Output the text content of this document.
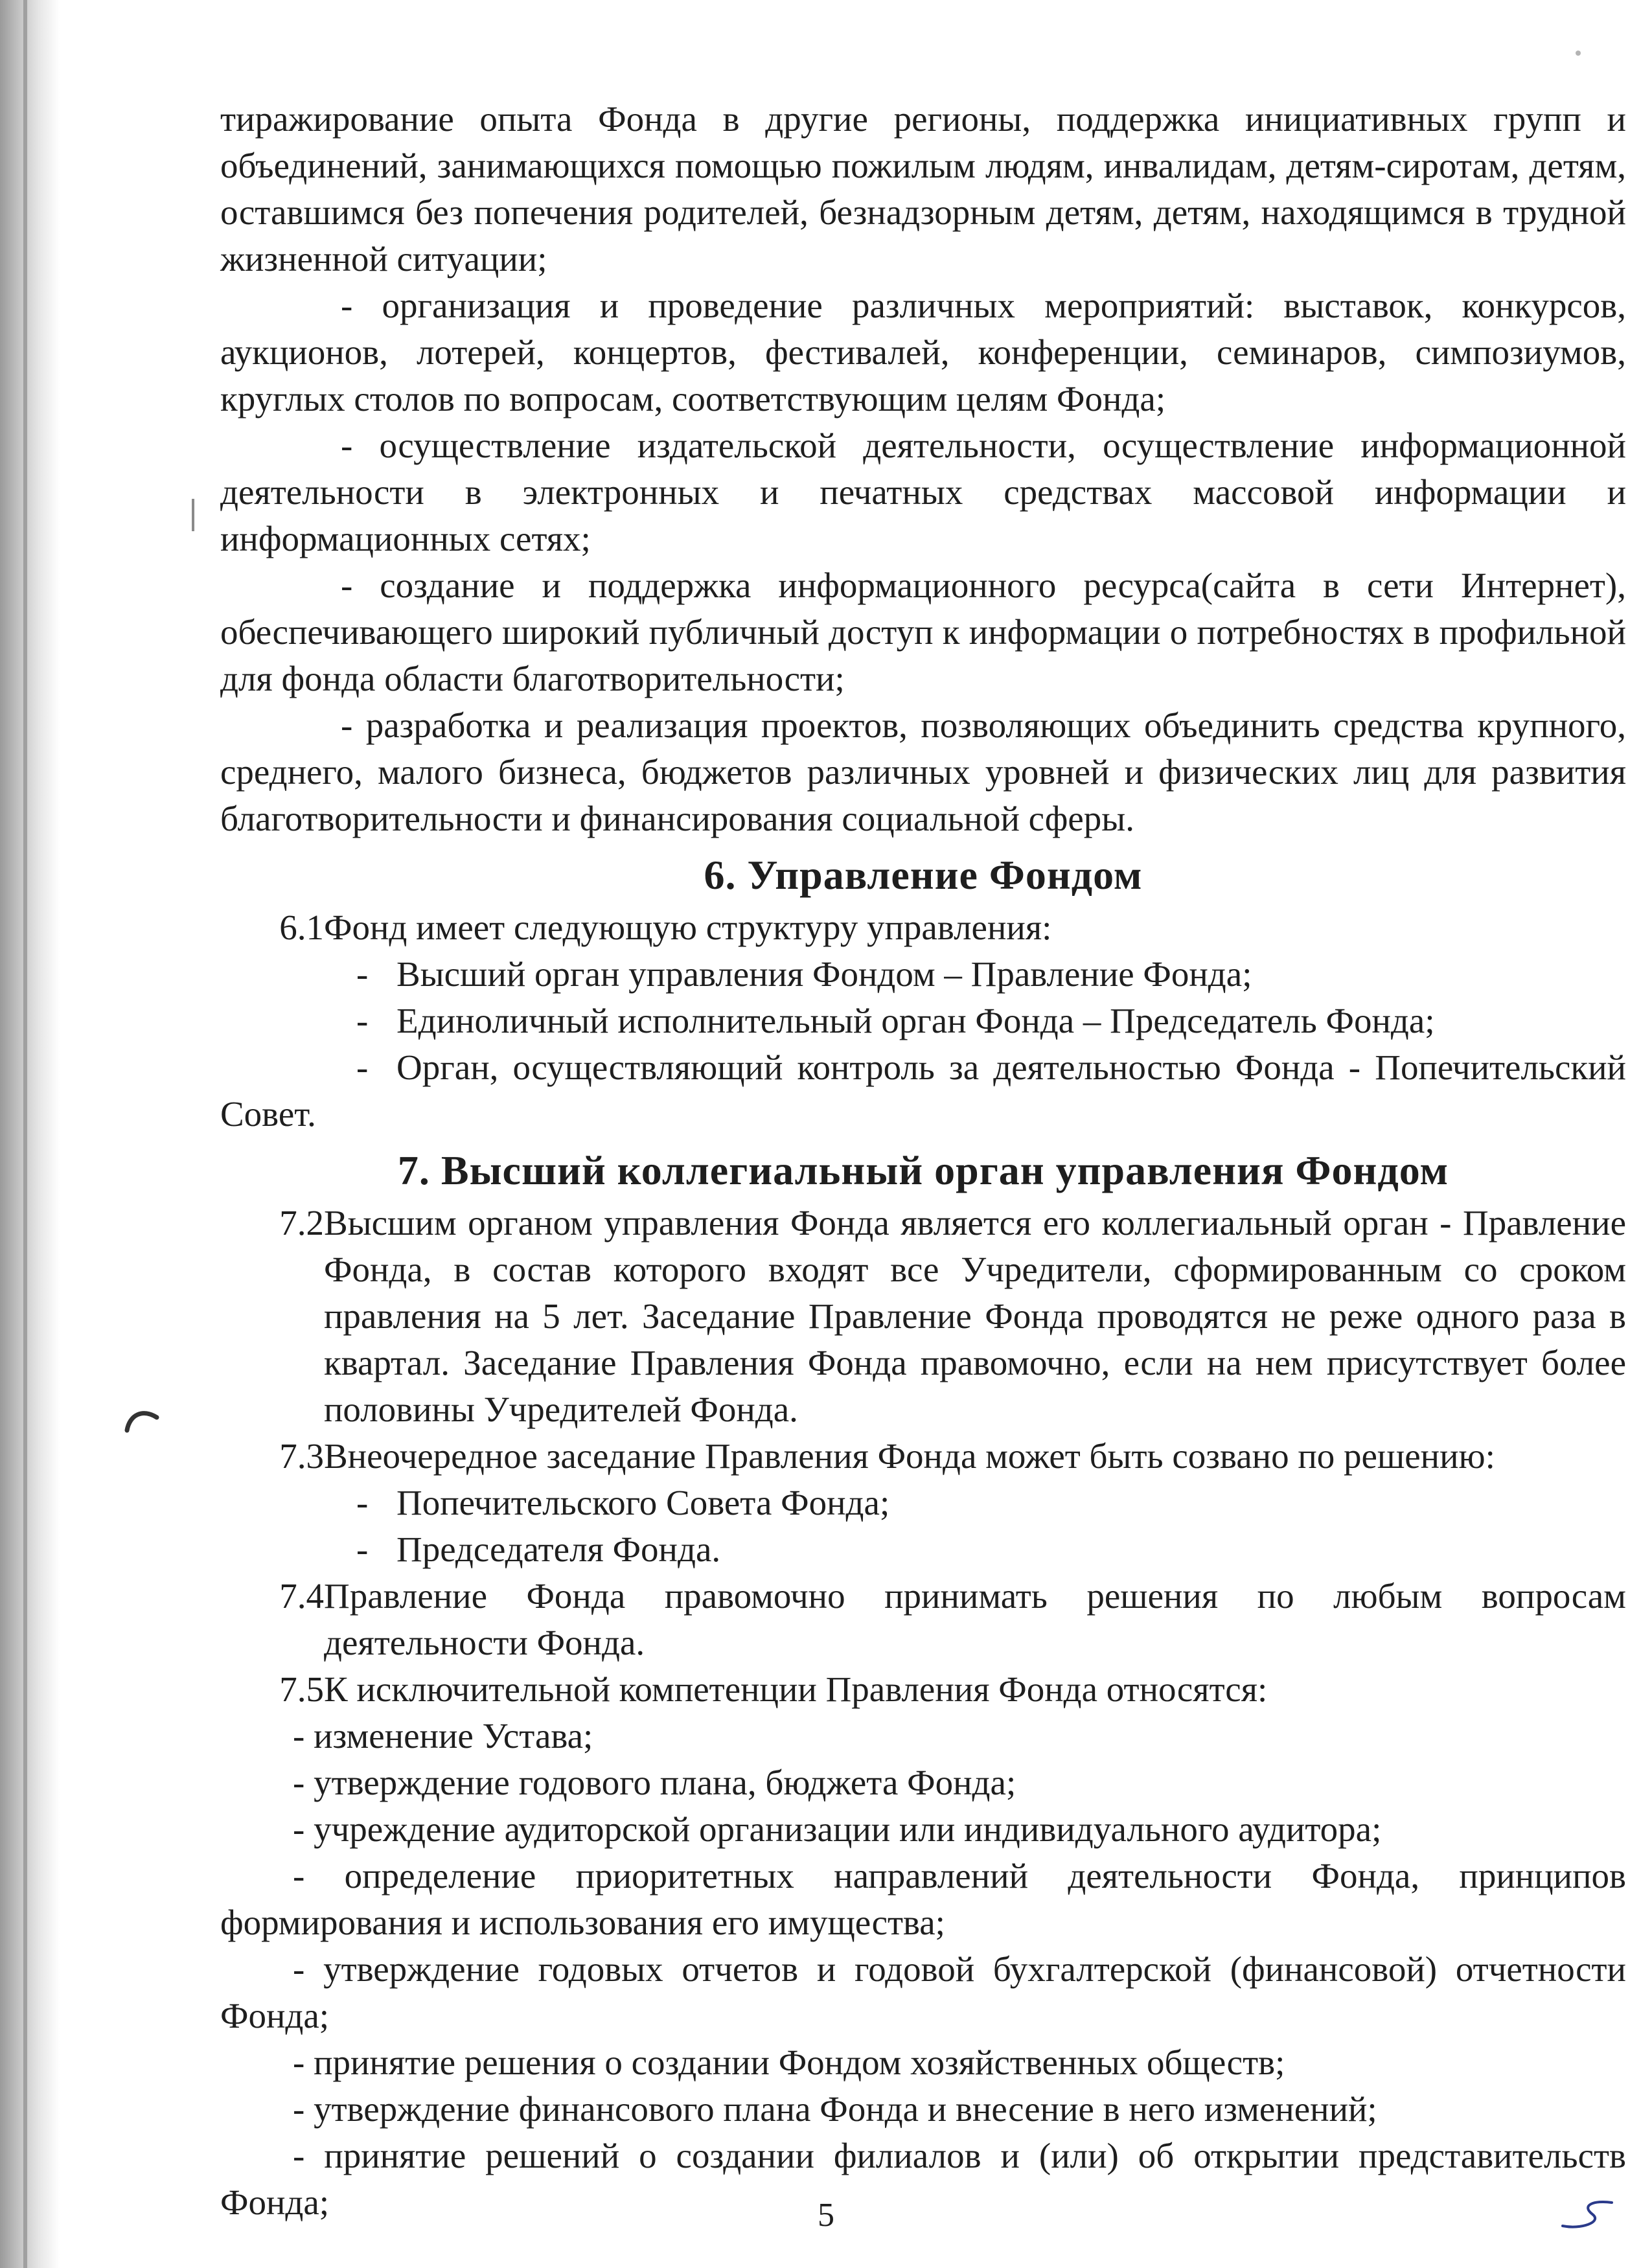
тиражирование опыта Фонда в другие регионы, поддержка инициативных групп и объединений, занимающихся помощью пожилым людям, инвалидам, детям-сиротам, детям, оставшимся без попечения родителей, безнадзорным детям, детям, находящимся в трудной жизненной ситуации;

- организация и проведение различных мероприятий: выставок, конкурсов, аукционов, лотерей, концертов, фестивалей, конференции, семинаров, симпозиумов, круглых столов по вопросам, соответствующим целям Фонда;

- осуществление издательской деятельности, осуществление информационной деятельности в электронных и печатных средствах массовой информации и информационных сетях;

- создание и поддержка информационного ресурса(сайта в сети Интернет), обеспечивающего широкий публичный доступ к информации о потребностях в профильной для фонда области благотворительности;

- разработка и реализация проектов, позволяющих объединить средства крупного, среднего, малого бизнеса, бюджетов различных уровней и физических лиц для развития благотворительности и финансирования социальной сферы.

6. Управление Фондом
6.1 Фонд имеет следующую структуру управления:
- Высший орган управления Фондом – Правление Фонда;
- Единоличный исполнительный орган Фонда – Председатель Фонда;
- Орган, осуществляющий контроль за деятельностью Фонда - Попечительский

Совет.

7. Высший коллегиальный орган управления Фондом
7.2 Высшим органом управления Фонда является его коллегиальный орган - Правление Фонда, в состав которого входят все Учредители, сформированным со сроком правления на 5 лет. Заседание Правление Фонда проводятся не реже одного раза в квартал. Заседание Правления Фонда правомочно, если на нем присутствует более половины Учредителей Фонда.
7.3 Внеочередное заседание Правления Фонда может быть созвано по решению:
- Попечительского Совета Фонда;
- Председателя Фонда.
7.4 Правление Фонда правомочно принимать решения по любым вопросам деятельности Фонда.
7.5 К исключительной компетенции Правления Фонда относятся:

- изменение Устава;

- утверждение годового плана, бюджета Фонда;

- учреждение аудиторской организации или индивидуального аудитора;

- определение приоритетных направлений деятельности Фонда, принципов формирования и использования его имущества;

- утверждение годовых отчетов и годовой бухгалтерской (финансовой) отчетности Фонда;

- принятие решения о создании Фондом хозяйственных обществ;

- утверждение финансового плана Фонда и внесение в него изменений;

- принятие решений о создании филиалов и (или) об открытии представительств Фонда;	5
